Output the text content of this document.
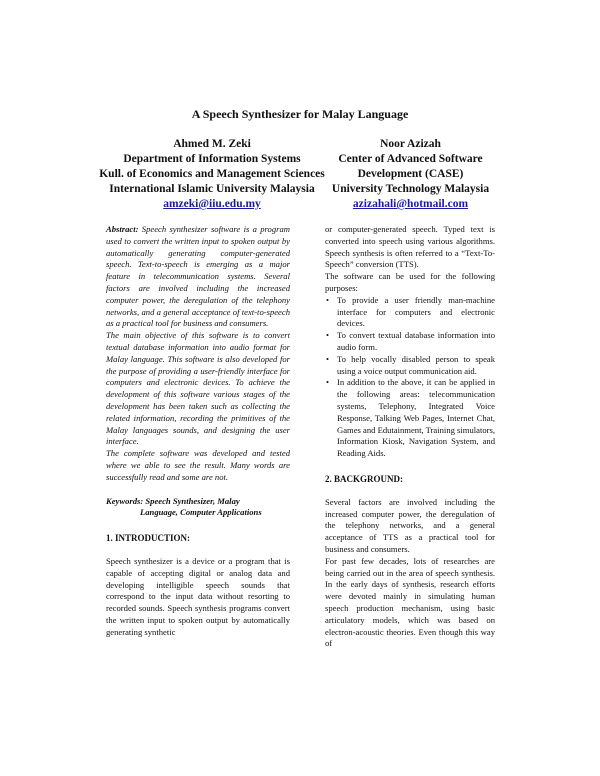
A Speech Synthesizer for Malay Language
Ahmed M. Zeki
Department of Information Systems
Kull. of Economics and Management Sciences
International Islamic University Malaysia
amzeki@iiu.edu.my
Noor Azizah
Center of Advanced Software
Development (CASE)
University Technology Malaysia
azizahali@hotmail.com

Abstract: Speech synthesizer software is a program used to convert the written input to spoken output by automatically generating computer-generated speech. Text-to-speech is emerging as a major feature in telecommunication systems. Several factors are involved including the increased computer power, the deregulation of the telephony networks, and a general acceptance of text-to-speech as a practical tool for business and consumers.

The main objective of this software is to convert textual database information into audio format for Malay language. This software is also developed for the purpose of providing a user-friendly interface for computers and electronic devices. To achieve the development of this software various stages of the development has been taken such as collecting the related information, recording the primitives of the Malay languages sounds, and designing the user interface.

The complete software was developed and tested where we able to see the result. Many words are successfully read and some are not.

Keywords: Speech Synthesizer, Malay
Language, Computer Applications
1. INTRODUCTION:

Speech synthesizer is a device or a program that is capable of accepting digital or analog data and developing intelligible speech sounds that correspond to the input data without resorting to recorded sounds. Speech synthesis programs convert the written input to spoken output by automatically generating synthetic

or computer-generated speech. Typed text is converted into speech using various algorithms. Speech synthesis is often referred to a “Text-To-Speech” conversion (TTS).

The software can be used for the following purposes:

• To provide a user friendly man-machine interface for computers and electronic devices.
• To convert textual database information into audio form.
• To help vocally disabled person to speak using a voice output communication aid.
• In addition to the above, it can be applied in the following areas: telecommunication systems, Telephony, Integrated Voice Response, Talking Web Pages, Internet Chat, Games and Edutainment, Training simulators, Information Kiosk, Navigation System, and Reading Aids.
2. BACKGROUND:

Several factors are involved including the increased computer power, the deregulation of the telephony networks, and a general acceptance of TTS as a practical tool for business and consumers.

For past few decades, lots of researches are being carried out in the area of speech synthesis. In the early days of synthesis, research efforts were devoted mainly in simulating human speech production mechanism, using basic articulatory models, which was based on electron-acoustic theories. Even though this way of
